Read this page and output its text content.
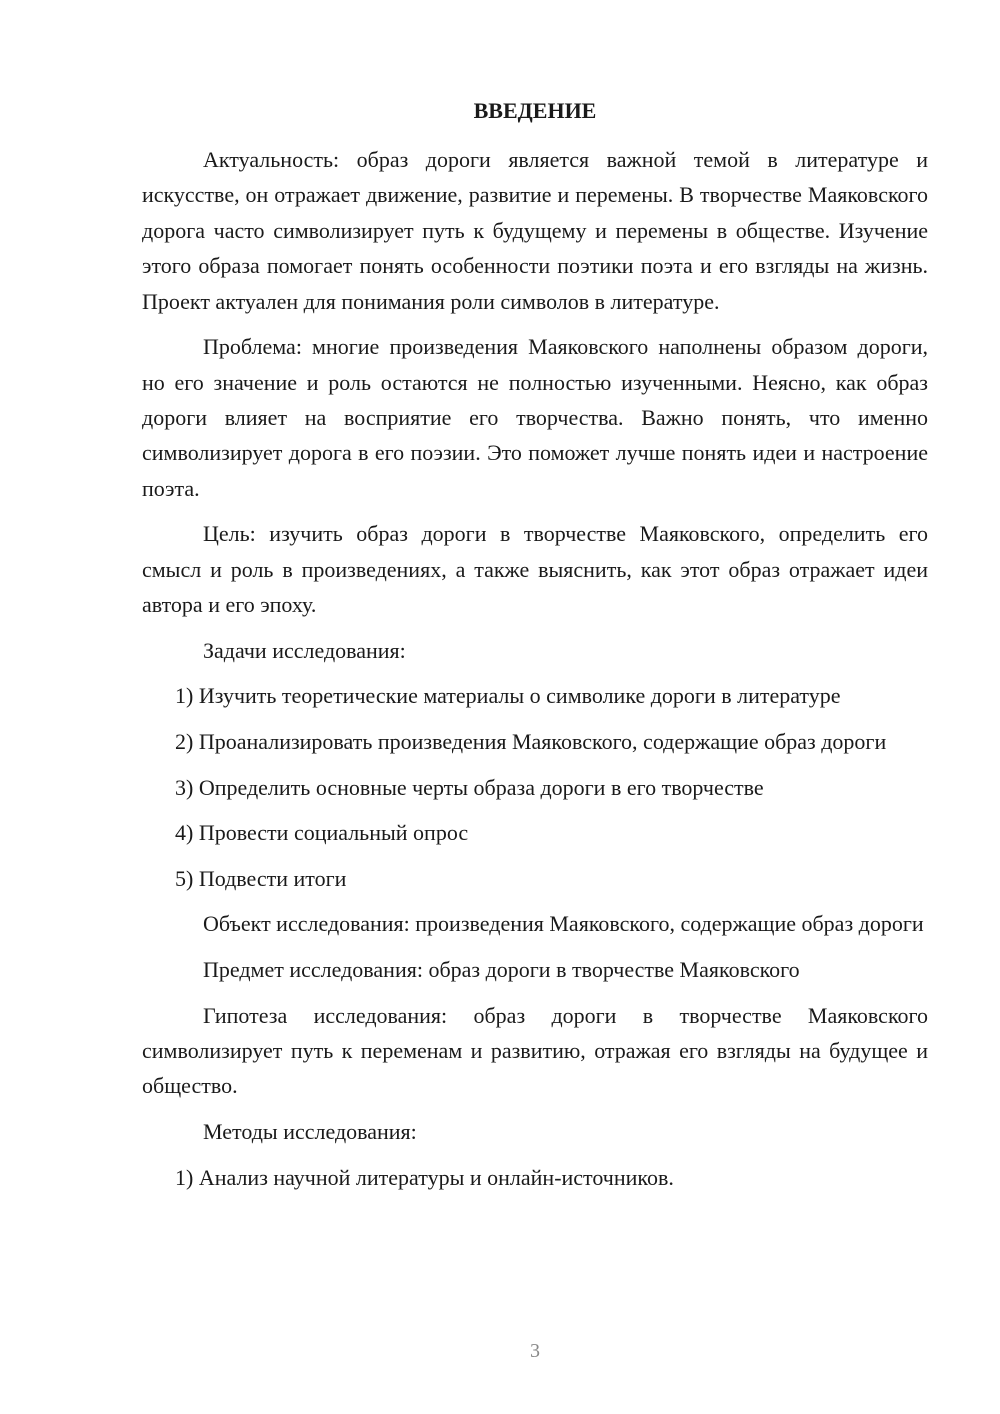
ВВЕДЕНИЕ

Актуальность: образ дороги является важной темой в литературе и искусстве, он отражает движение, развитие и перемены. В творчестве Маяковского дорога часто символизирует путь к будущему и перемены в обществе. Изучение этого образа помогает понять особенности поэтики поэта и его взгляды на жизнь. Проект актуален для понимания роли символов в литературе.

Проблема: многие произведения Маяковского наполнены образом дороги, но его значение и роль остаются не полностью изученными. Неясно, как образ дороги влияет на восприятие его творчества. Важно понять, что именно символизирует дорога в его поэзии. Это поможет лучше понять идеи и настроение поэта.

Цель: изучить образ дороги в творчестве Маяковского, определить его смысл и роль в произведениях, а также выяснить, как этот образ отражает идеи автора и его эпоху.

Задачи исследования:

1) Изучить теоретические материалы о символике дороги в литературе

2) Проанализировать произведения Маяковского, содержащие образ дороги

3) Определить основные черты образа дороги в его творчестве

4) Провести социальный опрос

5) Подвести итоги

Объект исследования: произведения Маяковского, содержащие образ дороги

Предмет исследования: образ дороги в творчестве Маяковского

Гипотеза исследования: образ дороги в творчестве Маяковского символизирует путь к переменам и развитию, отражая его взгляды на будущее и общество.

Методы исследования:

1) Анализ научной литературы и онлайн-источников.

3
